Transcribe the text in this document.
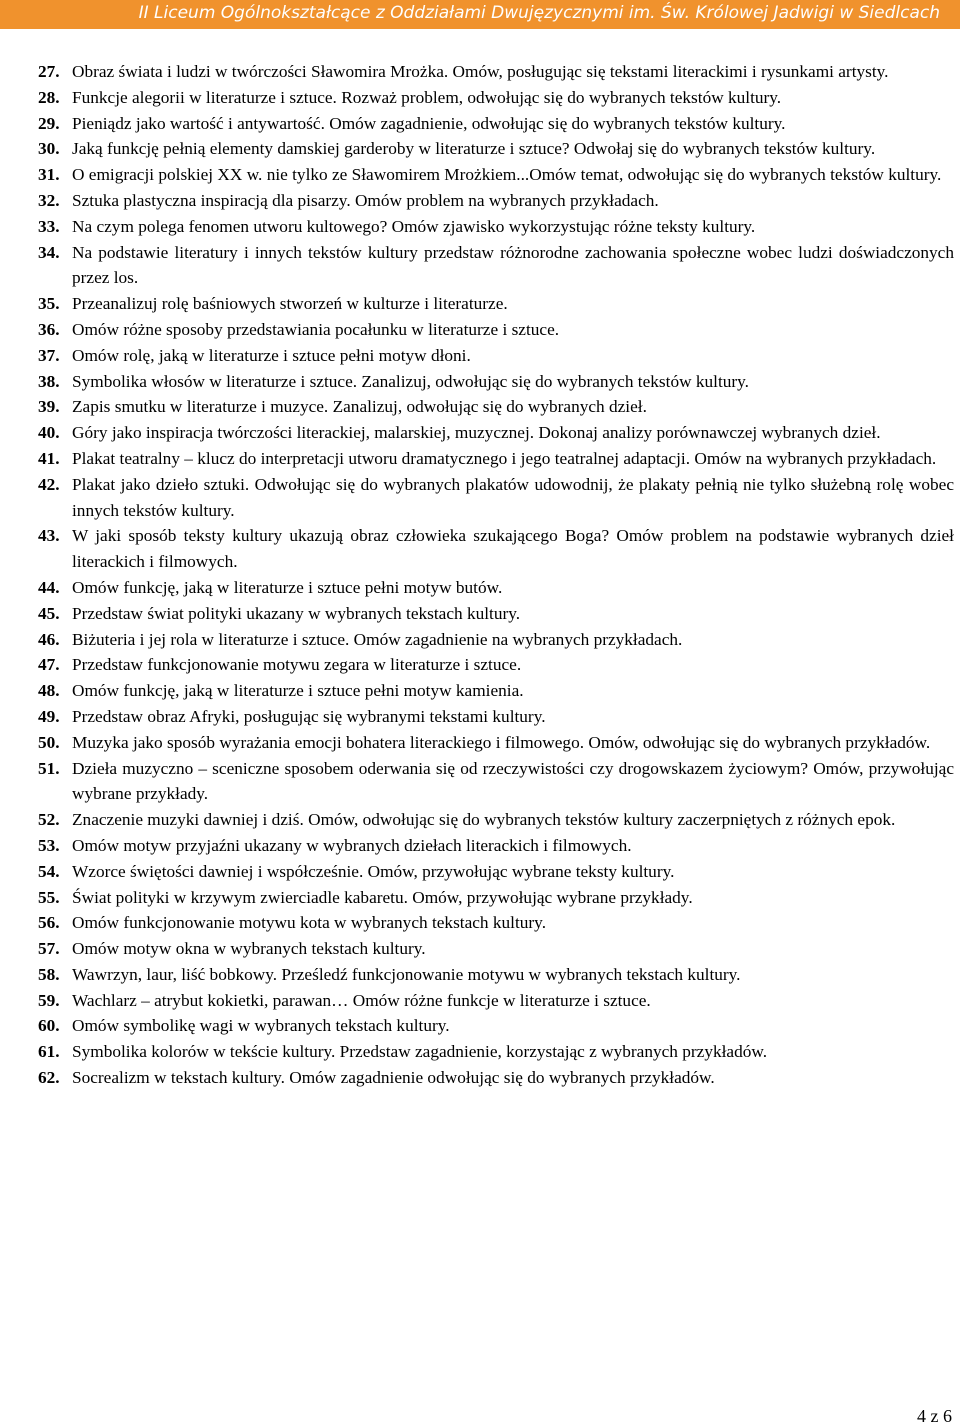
II Liceum Ogólnokształcące z Oddziałami Dwujęzycznymi im. Św. Królowej Jadwigi w Siedlcach
27. Obraz świata i ludzi w twórczości Sławomira Mrożka. Omów, posługując się tekstami literackimi i rysunkami artysty.
28. Funkcje alegorii w literaturze i sztuce. Rozważ problem, odwołując się do wybranych tekstów kultury.
29. Pieniądz jako wartość i antywartość. Omów zagadnienie, odwołując się do wybranych tekstów kultury.
30. Jaką funkcję pełnią elementy damskiej garderoby w literaturze i sztuce? Odwołaj się do wybranych tekstów kultury.
31. O emigracji polskiej XX w. nie tylko ze Sławomirem Mrożkiem...Omów temat, odwołując się do wybranych tekstów kultury.
32. Sztuka plastyczna inspiracją dla pisarzy. Omów problem na wybranych przykładach.
33. Na czym polega fenomen utworu kultowego? Omów zjawisko wykorzystując różne teksty kultury.
34. Na podstawie literatury i innych tekstów kultury przedstaw różnorodne zachowania społeczne wobec ludzi doświadczonych przez los.
35. Przeanalizuj rolę baśniowych stworzeń w kulturze i literaturze.
36. Omów różne sposoby przedstawiania pocałunku w literaturze i sztuce.
37. Omów rolę, jaką w literaturze i sztuce pełni motyw dłoni.
38. Symbolika włosów w literaturze i sztuce. Zanalizuj, odwołując się do wybranych tekstów kultury.
39. Zapis smutku w literaturze i muzyce. Zanalizuj, odwołując się do wybranych dzieł.
40. Góry jako inspiracja twórczości literackiej, malarskiej, muzycznej. Dokonaj analizy porównawczej wybranych dzieł.
41. Plakat teatralny – klucz do interpretacji utworu dramatycznego i jego teatralnej adaptacji. Omów na wybranych przykładach.
42. Plakat jako dzieło sztuki. Odwołując się do wybranych plakatów udowodnij, że plakaty pełnią nie tylko służebną rolę wobec innych tekstów kultury.
43. W jaki sposób teksty kultury ukazują obraz człowieka szukającego Boga? Omów problem na podstawie wybranych dzieł literackich i filmowych.
44. Omów funkcję, jaką w literaturze i sztuce pełni motyw butów.
45. Przedstaw świat polityki ukazany w wybranych tekstach kultury.
46. Biżuteria i jej rola w literaturze i sztuce. Omów zagadnienie na wybranych przykładach.
47. Przedstaw funkcjonowanie motywu zegara w literaturze i sztuce.
48. Omów funkcję, jaką w literaturze i sztuce pełni motyw kamienia.
49. Przedstaw obraz Afryki, posługując się wybranymi tekstami kultury.
50. Muzyka jako sposób wyrażania emocji bohatera literackiego i filmowego. Omów, odwołując się do wybranych przykładów.
51. Dzieła muzyczno – sceniczne sposobem oderwania się od rzeczywistości czy drogowskazem życiowym? Omów, przywołując wybrane przykłady.
52. Znaczenie muzyki dawniej i dziś. Omów, odwołując się do wybranych tekstów kultury zaczerpniętych z różnych epok.
53. Omów motyw przyjaźni ukazany w wybranych dziełach literackich i filmowych.
54. Wzorce świętości dawniej i współcześnie. Omów, przywołując wybrane teksty kultury.
55. Świat polityki w krzywym zwierciadle kabaretu. Omów, przywołując wybrane przykłady.
56. Omów funkcjonowanie motywu kota w wybranych tekstach kultury.
57. Omów motyw okna w wybranych tekstach kultury.
58. Wawrzyn, laur, liść bobkowy. Prześledź funkcjonowanie motywu w wybranych tekstach kultury.
59. Wachlarz – atrybut kokietki, parawan… Omów różne funkcje w literaturze i sztuce.
60. Omów symbolikę wagi w wybranych tekstach kultury.
61. Symbolika kolorów w tekście kultury. Przedstaw zagadnienie, korzystając z wybranych przykładów.
62. Socrealizm w tekstach kultury. Omów zagadnienie odwołując się do wybranych przykładów.
4 z 6
